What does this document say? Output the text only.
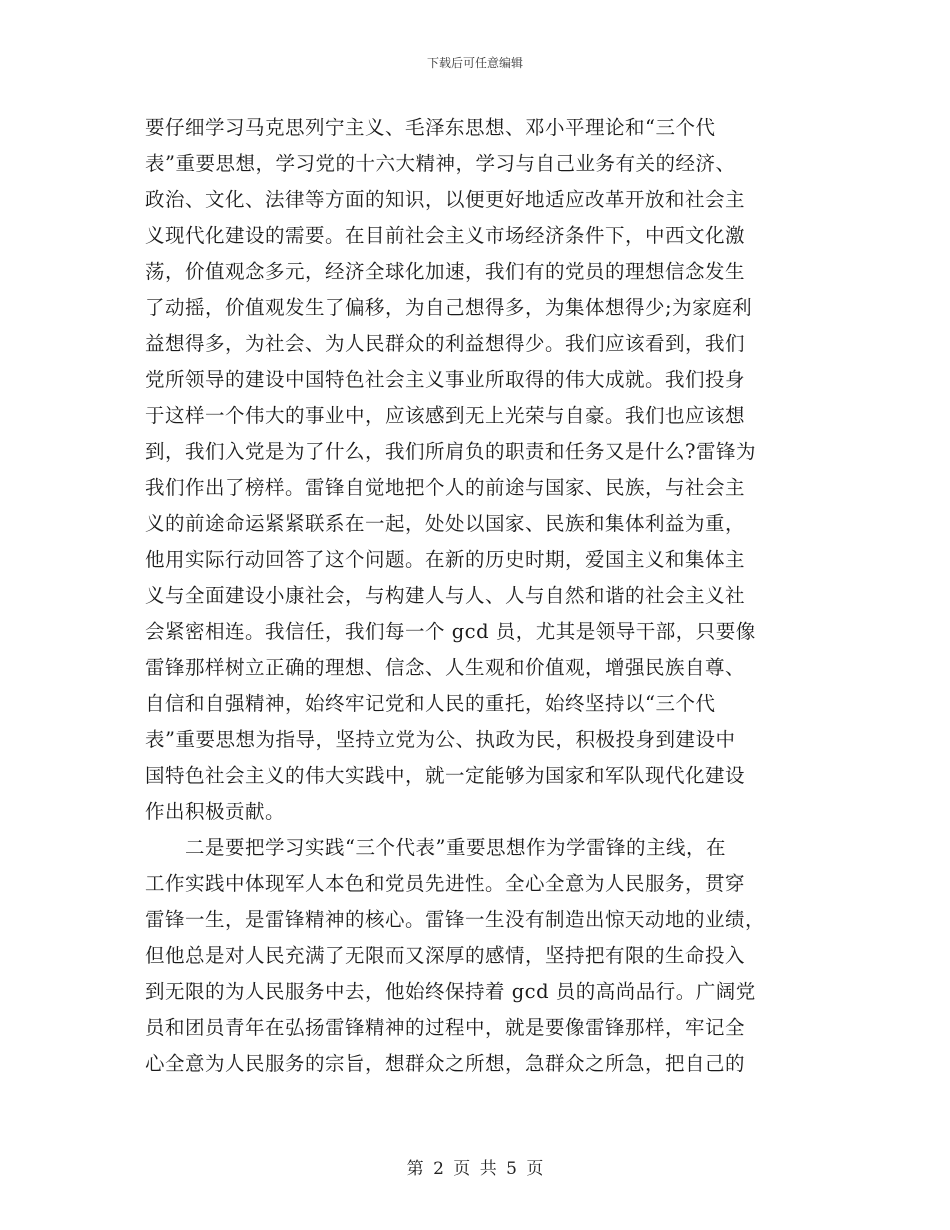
下载后可任意编辑
要仔细学习马克思列宁主义、毛泽东思想、邓小平理论和“三个代
表”重要思想，学习党的十六大精神，学习与自己业务有关的经济、
政治、文化、法律等方面的知识，以便更好地适应改革开放和社会主
义现代化建设的需要。在目前社会主义市场经济条件下，中西文化激
荡，价值观念多元，经济全球化加速，我们有的党员的理想信念发生
了动摇，价值观发生了偏移，为自己想得多，为集体想得少;为家庭利
益想得多，为社会、为人民群众的利益想得少。我们应该看到，我们
党所领导的建设中国特色社会主义事业所取得的伟大成就。我们投身
于这样一个伟大的事业中，应该感到无上光荣与自豪。我们也应该想
到，我们入党是为了什么，我们所肩负的职责和任务又是什么?雷锋为
我们作出了榜样。雷锋自觉地把个人的前途与国家、民族，与社会主
义的前途命运紧紧联系在一起，处处以国家、民族和集体利益为重，
他用实际行动回答了这个问题。在新的历史时期，爱国主义和集体主
义与全面建设小康社会，与构建人与人、人与自然和谐的社会主义社
会紧密相连。我信任，我们每一个 gcd 员，尤其是领导干部，只要像
雷锋那样树立正确的理想、信念、人生观和价值观，增强民族自尊、
自信和自强精神，始终牢记党和人民的重托，始终坚持以“三个代
表”重要思想为指导，坚持立党为公、执政为民，积极投身到建设中
国特色社会主义的伟大实践中，就一定能够为国家和军队现代化建设
作出积极贡献。
　　二是要把学习实践“三个代表”重要思想作为学雷锋的主线，在
工作实践中体现军人本色和党员先进性。全心全意为人民服务，贯穿
雷锋一生，是雷锋精神的核心。雷锋一生没有制造出惊天动地的业绩，
但他总是对人民充满了无限而又深厚的感情，坚持把有限的生命投入
到无限的为人民服务中去，他始终保持着 gcd 员的高尚品行。广阔党
员和团员青年在弘扬雷锋精神的过程中，就是要像雷锋那样，牢记全
心全意为人民服务的宗旨，想群众之所想，急群众之所急，把自己的
第 2 页 共 5 页
